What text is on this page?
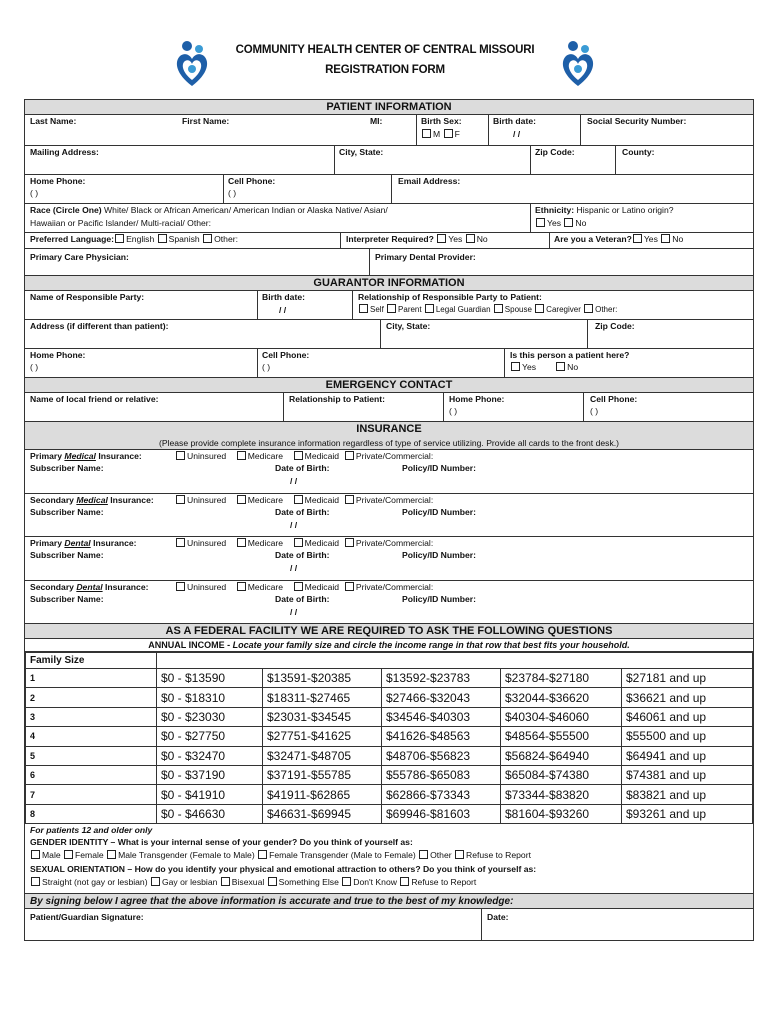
COMMUNITY HEALTH CENTER OF CENTRAL MISSOURI
REGISTRATION FORM
PATIENT INFORMATION
Last Name:	First Name:	MI:	Birth Sex:
M F
Birth date:
/ /
Social Security Number:
Mailing Address:	City, State:	Zip Code:	County:
Home Phone:
( )
Cell Phone:
( )
Email Address:
Race (Circle One) White/ Black or African American/ American Indian or Alaska Native/ Asian/
Hawaiian or Pacific Islander/ Multi-racial/ Other:
Ethnicity: Hispanic or Latino origin?
Yes No
Preferred Language: English Spanish Other:	Interpreter Required? Yes No	Are you a Veteran? Yes No
Primary Care Physician:	Primary Dental Provider:
GUARANTOR INFORMATION
Name of Responsible Party:	Birth date:
/ /
Relationship of Responsible Party to Patient:
Self Parent Legal Guardian Spouse Caregiver Other:
Address (if different than patient):	City, State:	Zip Code:
Home Phone:
( )
Cell Phone:
( )
Is this person a patient here?
Yes	No
EMERGENCY CONTACT
Name of local friend or relative:	Relationship to Patient:	Home Phone:
( )
Cell Phone:
( )
INSURANCE
(Please provide complete insurance information regardless of type of service utilizing. Provide all cards to the front desk.)
Primary Medical Insurance:	Uninsured	Medicare	Medicaid Private/Commercial:
Subscriber Name:	Date of Birth:
/ /
Policy/ID Number:
Secondary Medical Insurance:	Uninsured	Medicare	Medicaid Private/Commercial:
Subscriber Name:	Date of Birth:
/ /
Policy/ID Number:
Primary Dental Insurance:	Uninsured	Medicare	Medicaid Private/Commercial:
Subscriber Name:	Date of Birth:
/ /
Policy/ID Number:
Secondary Dental Insurance:	Uninsured	Medicare	Medicaid Private/Commercial:
Subscriber Name:	Date of Birth:
/ /
Policy/ID Number:
AS A FEDERAL FACILITY WE ARE REQUIRED TO ASK THE FOLLOWING QUESTIONS
ANNUAL INCOME - Locate your family size and circle the income range in that row that best fits your household.
Family Size					
1	$0 - $13590	$13591-$20385	$13592-$23783	$23784-$27180	$27181 and up
2	$0 - $18310	$18311-$27465	$27466-$32043	$32044-$36620	$36621 and up
3	$0 - $23030	$23031-$34545	$34546-$40303	$40304-$46060	$46061 and up
4	$0 - $27750	$27751-$41625	$41626-$48563	$48564-$55500	$55500 and up
5	$0 - $32470	$32471-$48705	$48706-$56823	$56824-$64940	$64941 and up
6	$0 - $37190	$37191-$55785	$55786-$65083	$65084-$74380	$74381 and up
7	$0 - $41910	$41911-$62865	$62866-$73343	$73344-$83820	$83821 and up
8	$0 - $46630	$46631-$69945	$69946-$81603	$81604-$93260	$93261 and up
For patients 12 and older only
GENDER IDENTITY – What is your internal sense of your gender? Do you think of yourself as:
Male Female Male Transgender (Female to Male) Female Transgender (Male to Female) Other Refuse to Report
SEXUAL ORIENTATION – How do you identify your physical and emotional attraction to others? Do you think of yourself as:
Straight (not gay or lesbian) Gay or lesbian Bisexual Something Else Don't Know Refuse to Report
By signing below I agree that the above information is accurate and true to the best of my knowledge:
Patient/Guardian Signature:	Date:
